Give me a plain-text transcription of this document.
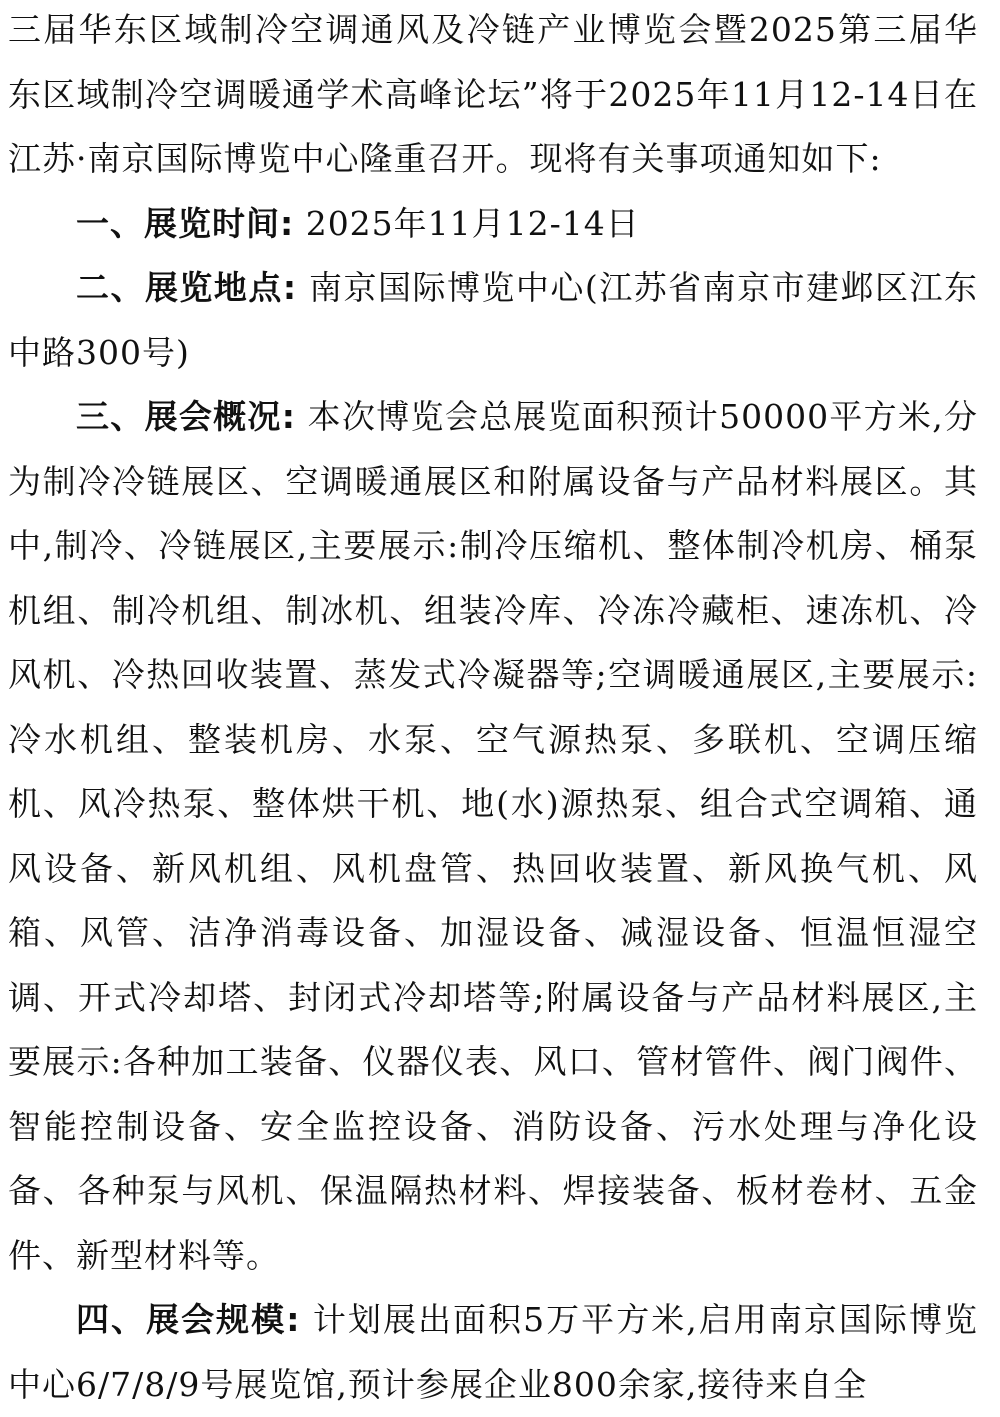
三届华东区域制冷空调通风及冷链产业博览会暨2025第三届华东区域制冷空调暖通学术高峰论坛”将于2025年11月12-14日在江苏·南京国际博览中心隆重召开。现将有关事项通知如下:

一、展览时间: 2025年11月12-14日

二、展览地点: 南京国际博览中心(江苏省南京市建邺区江东中路300号)

三、展会概况: 本次博览会总展览面积预计50000平方米,分为制冷冷链展区、空调暖通展区和附属设备与产品材料展区。其中,制冷、冷链展区,主要展示:制冷压缩机、整体制冷机房、桶泵机组、制冷机组、制冰机、组装冷库、冷冻冷藏柜、速冻机、冷风机、冷热回收装置、蒸发式冷凝器等;空调暖通展区,主要展示:冷水机组、整装机房、水泵、空气源热泵、多联机、空调压缩机、风冷热泵、整体烘干机、地(水)源热泵、组合式空调箱、通风设备、新风机组、风机盘管、热回收装置、新风换气机、风箱、风管、洁净消毒设备、加湿设备、减湿设备、恒温恒湿空调、开式冷却塔、封闭式冷却塔等;附属设备与产品材料展区,主要展示:各种加工装备、仪器仪表、风口、管材管件、阀门阀件、智能控制设备、安全监控设备、消防设备、污水处理与净化设备、各种泵与风机、保温隔热材料、焊接装备、板材卷材、五金件、新型材料等。

四、展会规模: 计划展出面积5万平方米,启用南京国际博览中心6/7/8/9号展览馆,预计参展企业800余家,接待来自全
